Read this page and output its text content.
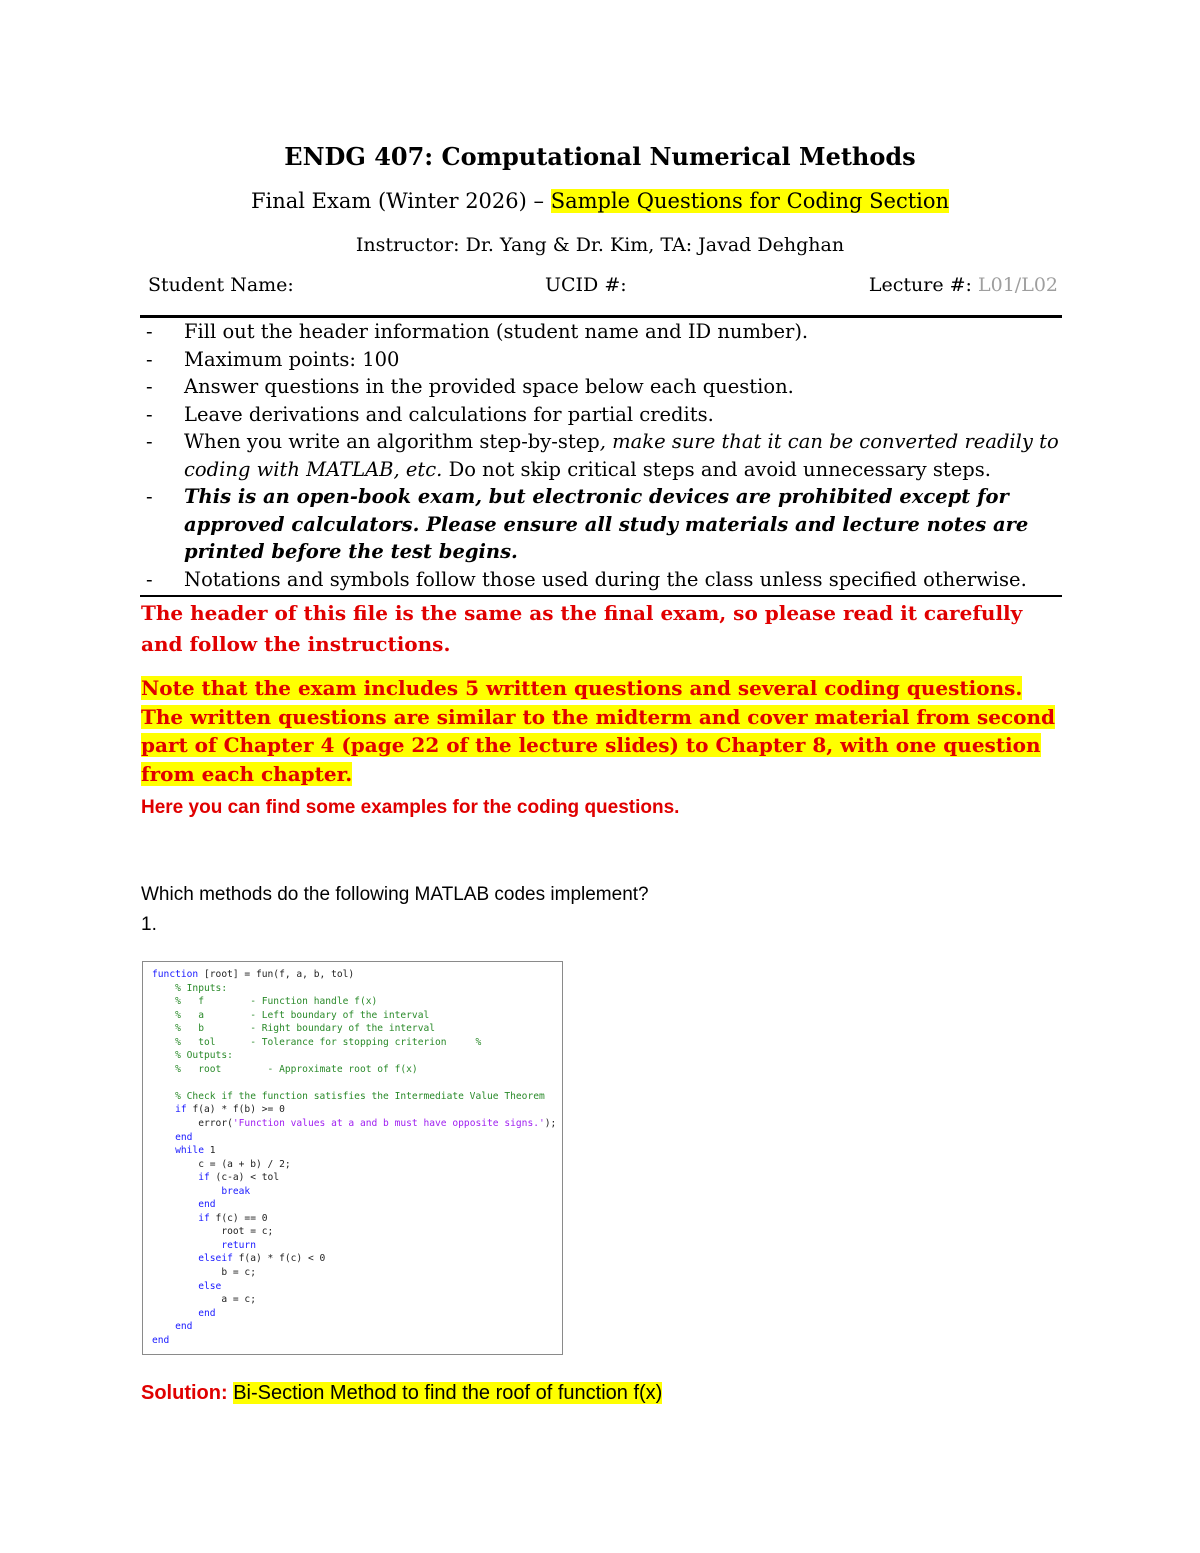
ENDG 407: Computational Numerical Methods
Final Exam (Winter 2026) – Sample Questions for Coding Section
Instructor: Dr. Yang & Dr. Kim, TA: Javad Dehghan
Student Name:	UCID #:	Lecture #: L01/L02
- Fill out the header information (student name and ID number).
- Maximum points: 100
- Answer questions in the provided space below each question.
- Leave derivations and calculations for partial credits.
- When you write an algorithm step-by-step, make sure that it can be converted readily to coding with MATLAB, etc. Do not skip critical steps and avoid unnecessary steps.
- This is an open-book exam, but electronic devices are prohibited except for approved calculators. Please ensure all study materials and lecture notes are printed before the test begins.
- Notations and symbols follow those used during the class unless specified otherwise.
The header of this file is the same as the final exam, so please read it carefully and follow the instructions.
Note that the exam includes 5 written questions and several coding questions. The written questions are similar to the midterm and cover material from second part of Chapter 4 (page 22 of the lecture slides) to Chapter 8, with one question from each chapter.
Here you can find some examples for the coding questions.
Which methods do the following MATLAB codes implement?
1.
function [root] = fun(f, a, b, tol)
% Inputs:
%   f        - Function handle f(x)
%   a        - Left boundary of the interval
%   b        - Right boundary of the interval
%   tol      - Tolerance for stopping criterion     %
% Outputs:
%   root        - Approximate root of f(x)

% Check if the function satisfies the Intermediate Value Theorem
if f(a) * f(b) >= 0
error('Function values at a and b must have opposite signs.');
end
while 1
c = (a + b) / 2;
if (c-a) < tol
break
end
if f(c) == 0
root = c;
return
elseif f(a) * f(c) < 0
b = c;
else
a = c;
end
end
end
Solution: Bi-Section Method to find the roof of function f(x)
